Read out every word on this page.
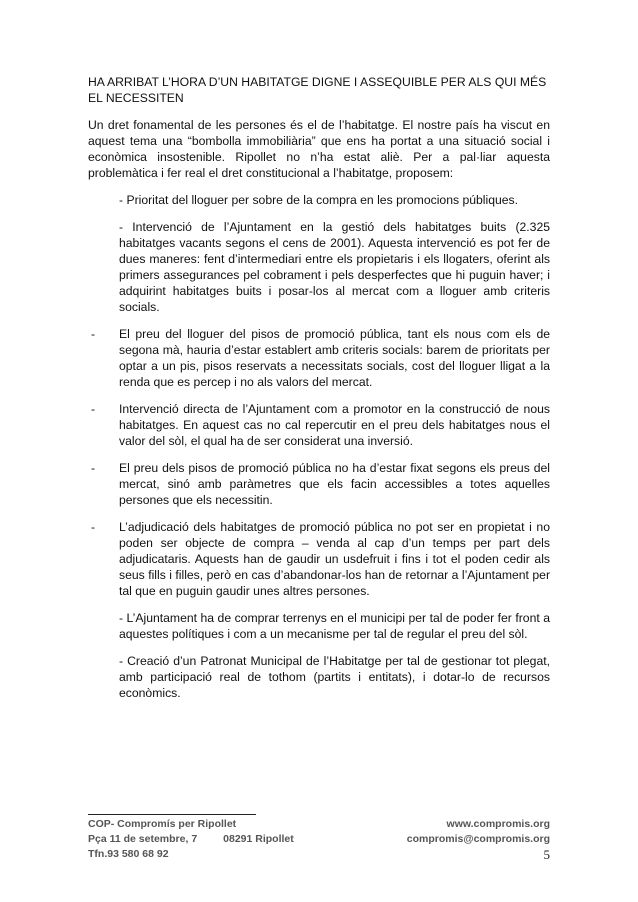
HA ARRIBAT L’HORA D’UN HABITATGE DIGNE I ASSEQUIBLE PER ALS QUI MÉS EL NECESSITEN

Un dret fonamental de les persones és el de l’habitatge. El nostre país ha viscut en aquest tema una “bombolla immobiliària” que ens ha portat a una situació social i econòmica insostenible. Ripollet no n’ha estat aliè. Per a pal·liar aquesta problemàtica i fer real el dret constitucional a l’habitatge, proposem:

- Prioritat del lloguer per sobre de la compra en les promocions públiques.

- Intervenció de l’Ajuntament en la gestió dels habitatges buits (2.325 habitatges vacants segons el cens de 2001). Aquesta intervenció es pot fer de dues maneres: fent d’intermediari entre els propietaris i els llogaters, oferint als primers assegurances pel cobrament i pels desperfectes que hi puguin haver; i adquirint habitatges buits i posar-los al mercat com a lloguer amb criteris socials.

-	El preu del lloguer del pisos de promoció pública, tant els nous com els de segona mà, hauria d’estar establert amb criteris socials: barem de prioritats per optar a un pis, pisos reservats a necessitats socials, cost del lloguer lligat a la renda que es percep i no als valors del mercat.
-	Intervenció directa de l’Ajuntament com a promotor en la construcció de nous habitatges. En aquest cas no cal repercutir en el preu dels habitatges nous el valor del sòl, el qual ha de ser considerat una inversió.
-	El preu dels pisos de promoció pública no ha d’estar fixat segons els preus del mercat, sinó amb paràmetres que els facin accessibles a totes aquelles persones que els necessitin.
-	L’adjudicació dels habitatges de promoció pública no pot ser en propietat i no poden ser objecte de compra – venda al cap d’un temps per part dels adjudicataris. Aquests han de gaudir un usdefruit i fins i tot el poden cedir als seus fills i filles, però en cas d’abandonar-los han de retornar a l’Ajuntament per tal que en puguin gaudir unes altres persones.

- L’Ajuntament ha de comprar terrenys en el municipi per tal de poder fer front a aquestes polítiques i com a un mecanisme per tal de regular el preu del sòl.

- Creació d’un Patronat Municipal de l’Habitatge per tal de gestionar tot plegat, amb participació real de tothom (partits i entitats), i dotar-lo de recursos econòmics.

COP- Compromís per Ripollet
Pça 11 de setembre, 7 08291 Ripollet
Tfn.93 580 68 92
www.compromis.org
compromis@compromis.org
5
